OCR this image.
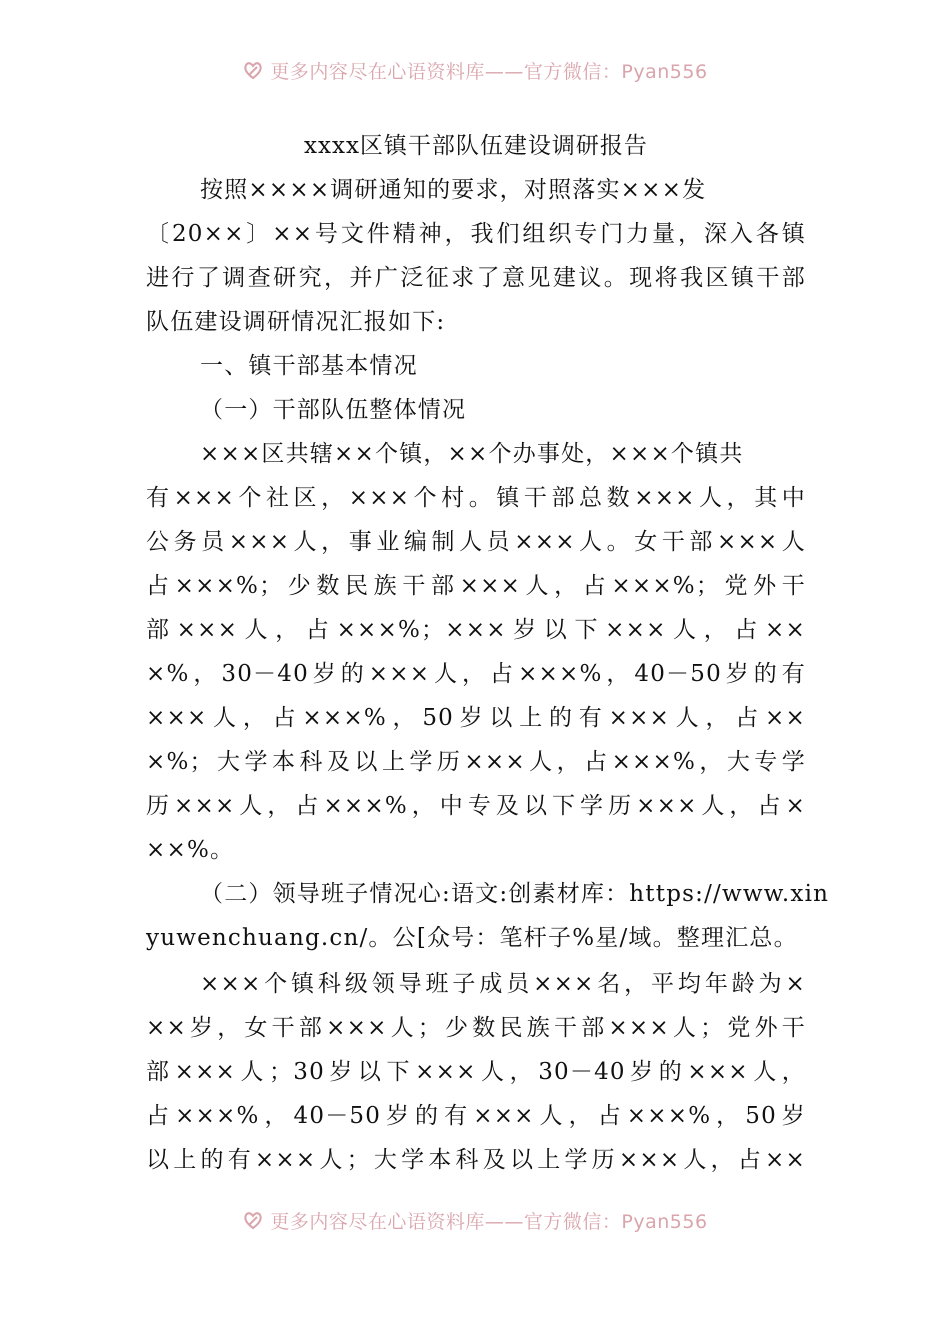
更多内容尽在心语资料库——官方微信：Pyan556
xxxx区镇干部队伍建设调研报告
按照××××调研通知的要求，对照落实×××发
〔20××〕××号文件精神，我们组织专门力量，深入各镇
进行了调查研究，并广泛征求了意见建议。现将我区镇干部
队伍建设调研情况汇报如下:
一、镇干部基本情况
（一）干部队伍整体情况
×××区共辖××个镇，××个办事处，×××个镇共
有×××个社区，×××个村。镇干部总数×××人，其中
公务员×××人，事业编制人员×××人。女干部×××人
占×××%；少数民族干部×××人，占×××%；党外干
部×××人，占×××%；×××岁以下×××人，占××
×%，30－40岁的×××人，占×××%，40－50岁的有
×××人，占×××%，50岁以上的有×××人，占××
×%；大学本科及以上学历×××人，占×××%，大专学
历×××人，占×××%，中专及以下学历×××人，占×
××%。
（二）领导班子情况心:语文:创素材库：https://www.xin
yuwenchuang.cn/。公[众号：笔杆子%星/域。整理汇总。
×××个镇科级领导班子成员×××名，平均年龄为×
××岁，女干部×××人；少数民族干部×××人；党外干
部×××人；30岁以下×××人，30－40岁的×××人，
占×××%，40－50岁的有×××人，占×××%，50岁
以上的有×××人；大学本科及以上学历×××人，占××
更多内容尽在心语资料库——官方微信：Pyan556
